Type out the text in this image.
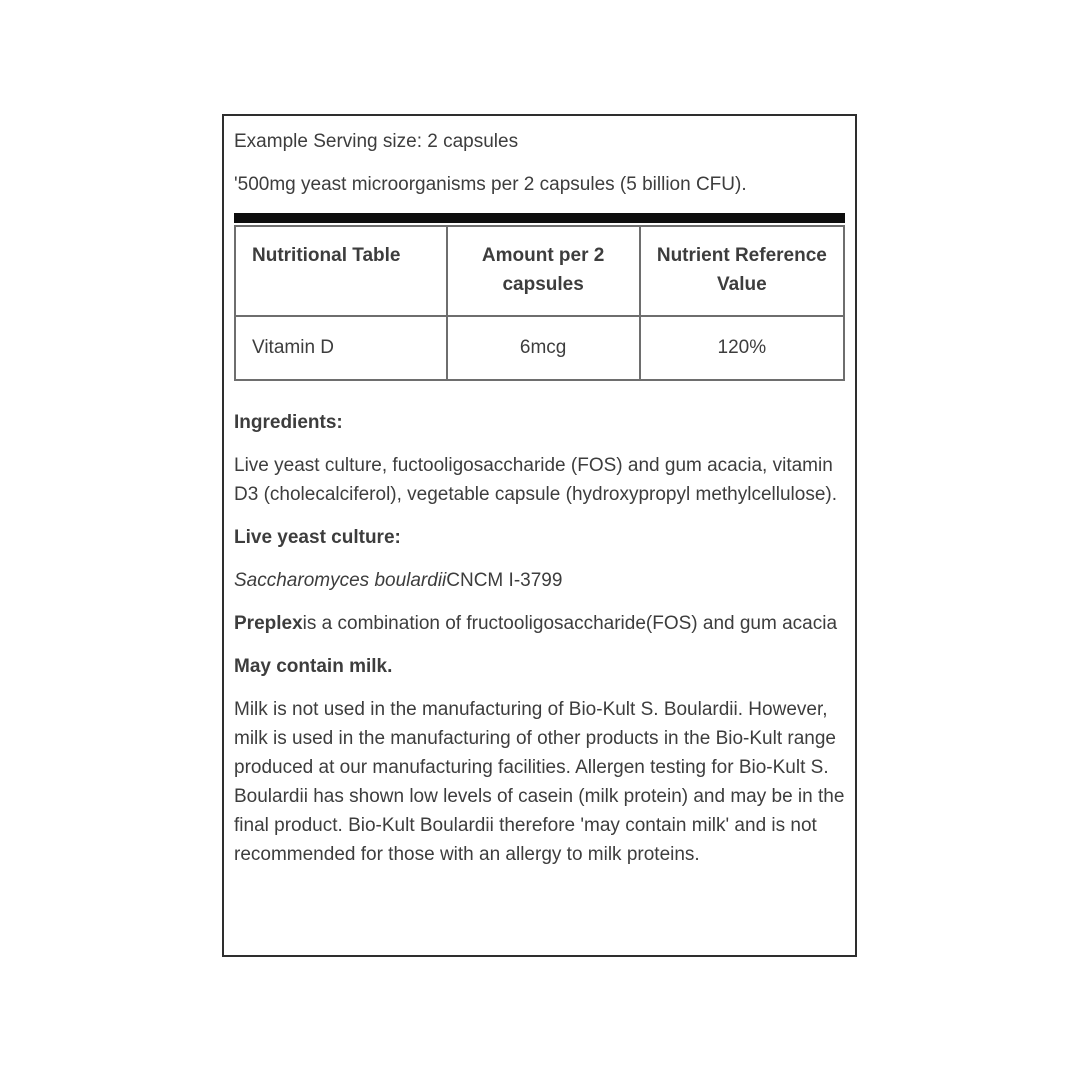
Example Serving size: 2 capsules

'500mg yeast microorganisms per 2 capsules (5 billion CFU).

Nutritional Table	Amount per 2 capsules	Nutrient Reference Value
Vitamin D	6mcg	120%

Ingredients:

Live yeast culture, fuctooligosaccharide (FOS) and gum acacia, vitamin D3 (cholecalciferol), vegetable capsule (hydroxypropyl methylcellulose).

Live yeast culture:

Saccharomyces boulardiiCNCM I-3799

Preplexis a combination of fructooligosaccharide(FOS) and gum acacia

May contain milk.

Milk is not used in the manufacturing of Bio-Kult S. Boulardii. However, milk is used in the manufacturing of other products in the Bio-Kult range produced at our manufacturing facilities. Allergen testing for Bio-Kult S. Boulardii has shown low levels of casein (milk protein) and may be in the final product. Bio-Kult Boulardii therefore 'may contain milk' and is not recommended for those with an allergy to milk proteins.
